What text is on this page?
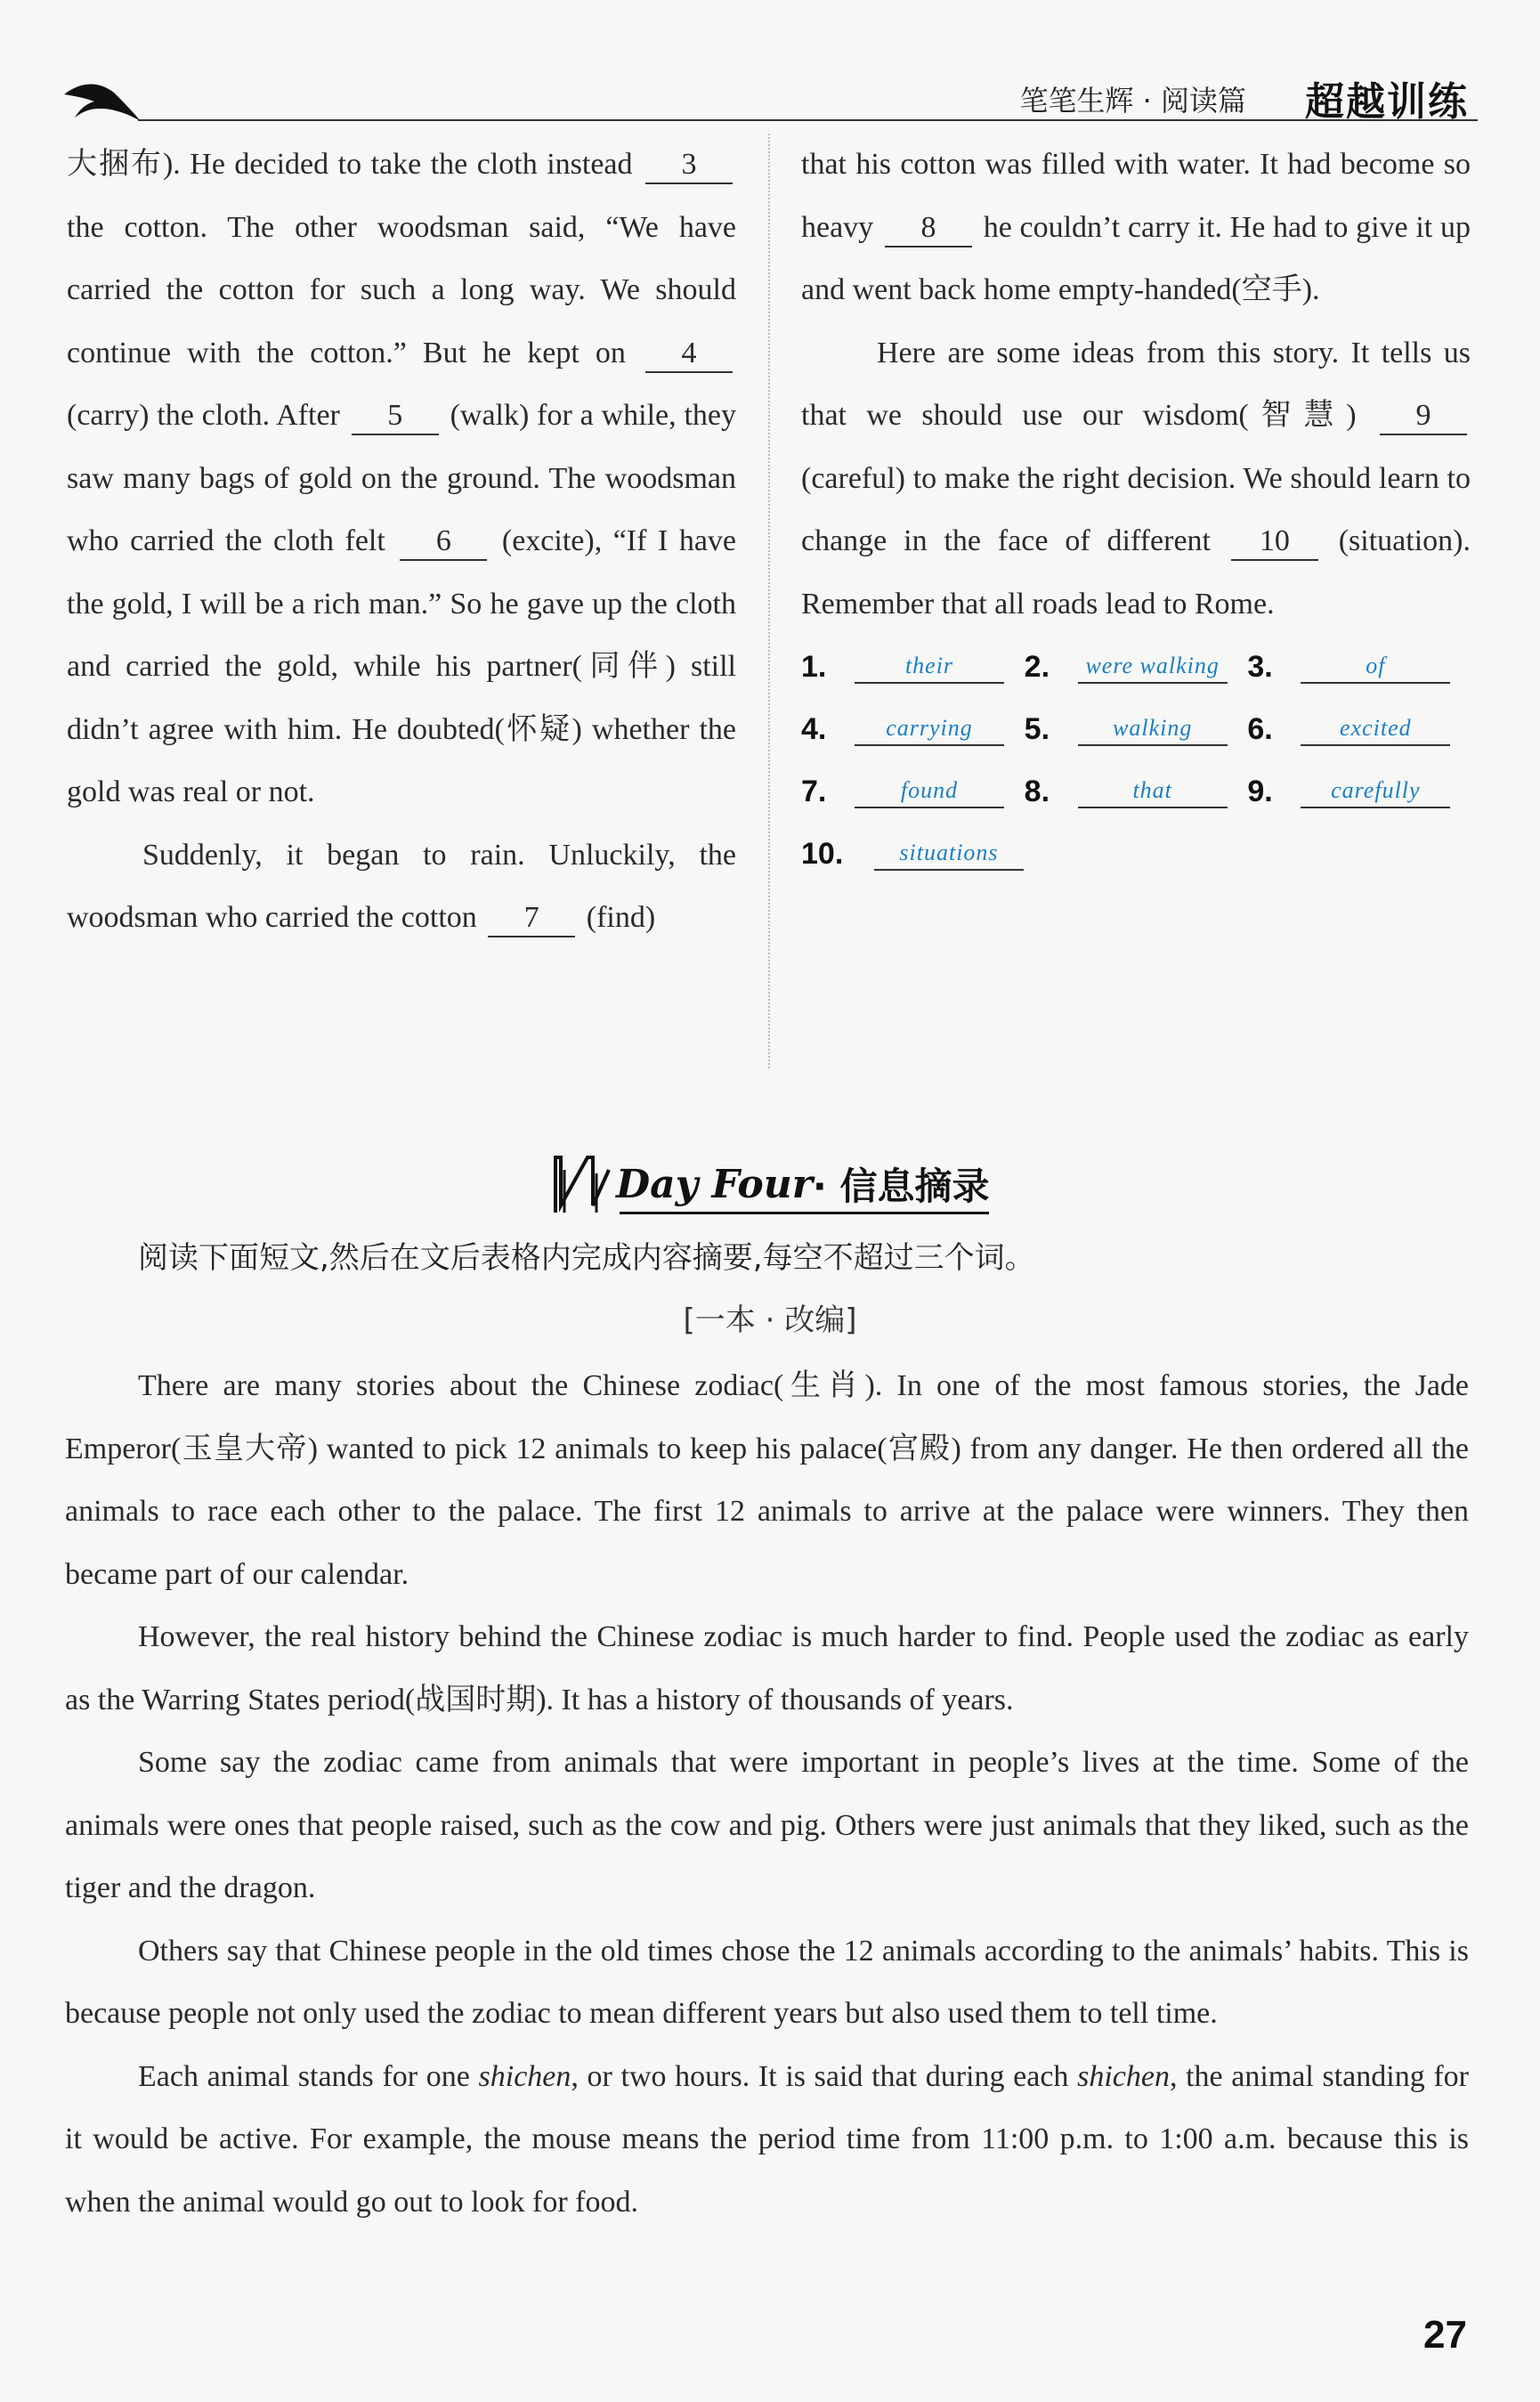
笔笔生辉 · 阅读篇 超越训练

大捆布). He decided to take the cloth instead 3 the cotton. The other woodsman said, “We have carried the cotton for such a long way. We should continue with the cotton.” But he kept on 4 (carry) the cloth. After 5 (walk) for a while, they saw many bags of gold on the ground. The woodsman who carried the cloth felt 6 (excite), “If I have the gold, I will be a rich man.” So he gave up the cloth and carried the gold, while his partner(同伴) still didn’t agree with him. He doubted(怀疑) whether the gold was real or not.

Suddenly, it began to rain. Unluckily, the woodsman who carried the cotton 7 (find)

that his cotton was filled with water. It had become so heavy 8 he couldn’t carry it. He had to give it up and went back home empty-handed(空手).

Here are some ideas from this story. It tells us that we should use our wisdom(智慧) 9 (careful) to make the right decision. We should learn to change in the face of different 10 (situation). Remember that all roads lead to Rome.

1.	their	2.	were walking 3.	of
4.	carrying	5.	walking	6.	excited
7.	found	8.	that	9.	carefully
10.	situations
Day Four · 信息摘录
阅读下面短文,然后在文后表格内完成内容摘要,每空不超过三个词。
[一本 · 改编]

There are many stories about the Chinese zodiac(生肖). In one of the most famous stories, the Jade Emperor(玉皇大帝) wanted to pick 12 animals to keep his palace(宫殿) from any danger. He then ordered all the animals to race each other to the palace. The first 12 animals to arrive at the palace were winners. They then became part of our calendar.

However, the real history behind the Chinese zodiac is much harder to find. People used the zodiac as early as the Warring States period(战国时期). It has a history of thousands of years.

Some say the zodiac came from animals that were important in people’s lives at the time. Some of the animals were ones that people raised, such as the cow and pig. Others were just animals that they liked, such as the tiger and the dragon.

Others say that Chinese people in the old times chose the 12 animals according to the animals’ habits. This is because people not only used the zodiac to mean different years but also used them to tell time.

Each animal stands for one shichen, or two hours. It is said that during each shichen, the animal standing for it would be active. For example, the mouse means the period time from 11:00 p.m. to 1:00 a.m. because this is when the animal would go out to look for food.

27
